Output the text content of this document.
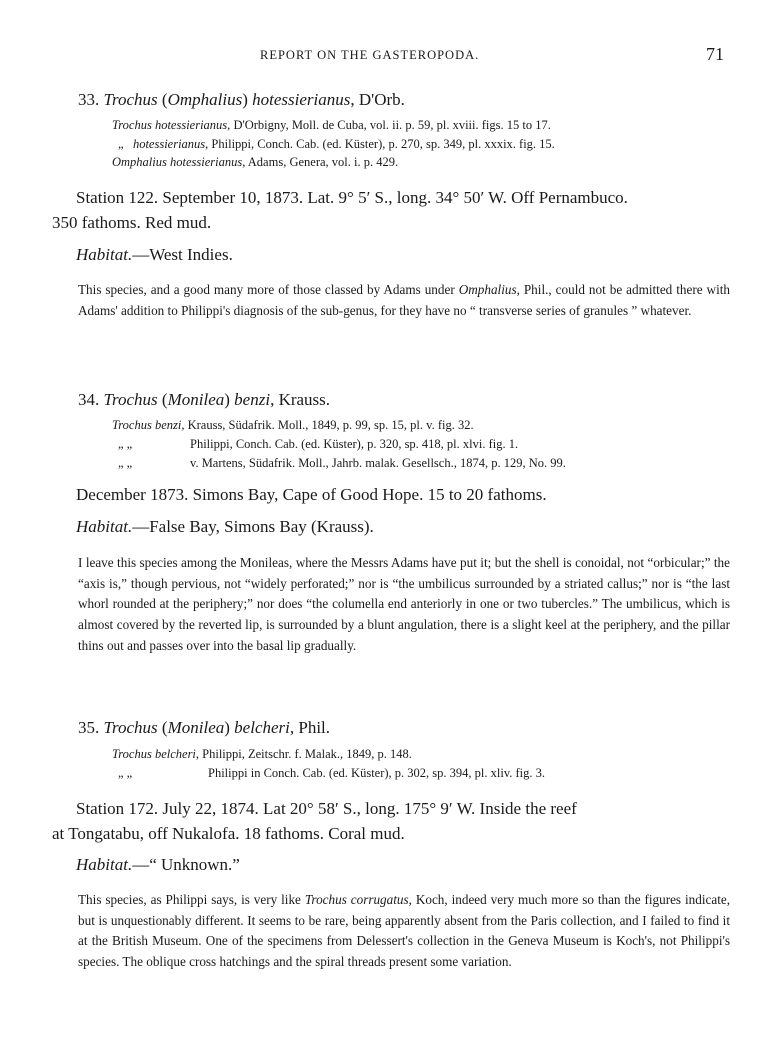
REPORT ON THE GASTEROPODA.	71
33. Trochus (Omphalius) hotessierianus, D'Orb.
Trochus hotessierianus, D'Orbigny, Moll. de Cuba, vol. ii. p. 59, pl. xviii. figs. 15 to 17.
„ hotessierianus, Philippi, Conch. Cab. (ed. Küster), p. 270, sp. 349, pl. xxxix. fig. 15.
Omphalius hotessierianus, Adams, Genera, vol. i. p. 429.
Station 122. September 10, 1873. Lat. 9° 5′ S., long. 34° 50′ W. Off Pernambuco.
350 fathoms. Red mud.
Habitat.—West Indies.
This species, and a good many more of those classed by Adams under Omphalius, Phil., could not be admitted there with Adams' addition to Philippi's diagnosis of the sub-genus, for they have no “ transverse series of granules ” whatever.
34. Trochus (Monilea) benzi, Krauss.
Trochus benzi, Krauss, Südafrik. Moll., 1849, p. 99, sp. 15, pl. v. fig. 32.
„ „	Philippi, Conch. Cab. (ed. Küster), p. 320, sp. 418, pl. xlvi. fig. 1.
„ „	v. Martens, Südafrik. Moll., Jahrb. malak. Gesellsch., 1874, p. 129, No. 99.
December 1873. Simons Bay, Cape of Good Hope. 15 to 20 fathoms.
Habitat.—False Bay, Simons Bay (Krauss).
I leave this species among the Monileas, where the Messrs Adams have put it; but the shell is conoidal, not “orbicular;” the “axis is,” though pervious, not “widely perforated;” nor is “the umbilicus surrounded by a striated callus;” nor is “the last whorl rounded at the periphery;” nor does “the columella end anteriorly in one or two tubercles.” The umbilicus, which is almost covered by the reverted lip, is surrounded by a blunt angulation, there is a slight keel at the periphery, and the pillar thins out and passes over into the basal lip gradually.
35. Trochus (Monilea) belcheri, Phil.
Trochus belcheri, Philippi, Zeitschr. f. Malak., 1849, p. 148.
„ „	Philippi in Conch. Cab. (ed. Küster), p. 302, sp. 394, pl. xliv. fig. 3.
Station 172. July 22, 1874. Lat 20° 58′ S., long. 175° 9′ W. Inside the reef
at Tongatabu, off Nukalofa. 18 fathoms. Coral mud.
Habitat.—“ Unknown.”
This species, as Philippi says, is very like Trochus corrugatus, Koch, indeed very much more so than the figures indicate, but is unquestionably different. It seems to be rare, being apparently absent from the Paris collection, and I failed to find it at the British Museum. One of the specimens from Delessert's collection in the Geneva Museum is Koch's, not Philippi's species. The oblique cross hatchings and the spiral threads present some variation.
